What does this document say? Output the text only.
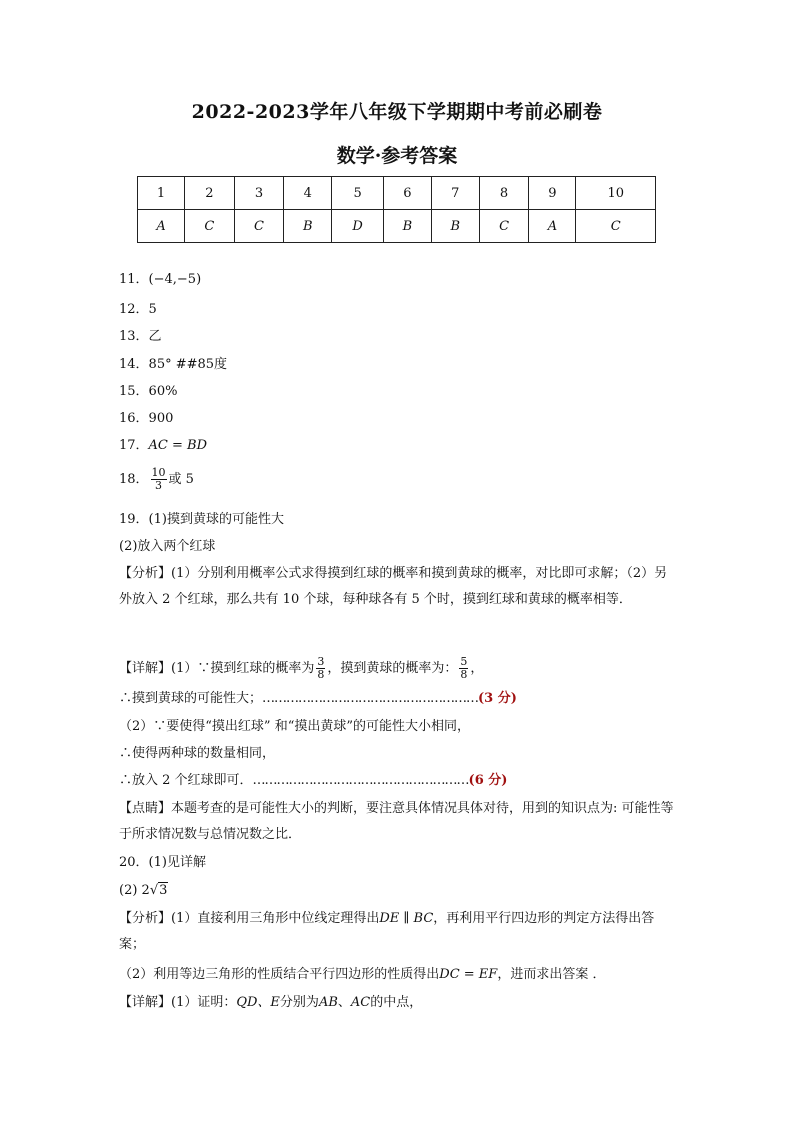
2022-2023学年八年级下学期期中考前必刷卷
数学·参考答案
1	2	3	4	5	6	7	8	9	10
A	C	C	B	D	B	B	C	A	C
11．(−4,−5)
12．5
13．乙
14．85° ##85度
15．60%
16．900
17．AC = BD
18． $\frac{10}{3}$ 或 5
19．(1)摸到黄球的可能性大
(2)放入两个红球
【分析】(1）分别利用概率公式求得摸到红球的概率和摸到黄球的概率，对比即可求解；（2）另外放入 2 个红球，那么共有 10 个球，每种球各有 5 个时，摸到红球和黄球的概率相等．
【详解】(1）∵摸到红球的概率为 $\frac{3}{8}$ ，摸到黄球的概率为： $\frac{5}{8}$ ，
∴摸到黄球的可能性大；………………………………………………(3 分)
（2）∵要使得“摸出红球” 和“摸出黄球”的可能性大小相同，
∴使得两种球的数量相同，
∴放入 2 个红球即可．………………………………………………(6 分)
【点睛】本题考查的是可能性大小的判断，要注意具体情况具体对待，用到的知识点为: 可能性等于所求情况数与总情况数之比．
20．(1)见详解
(2) 2√3
【分析】(1）直接利用三角形中位线定理得出DE ∥ BC，再利用平行四边形的判定方法得出答案；
（2）利用等边三角形的性质结合平行四边形的性质得出DC = EF，进而求出答案 ．
【详解】(1）证明：QD、E分别为AB、AC的中点，
